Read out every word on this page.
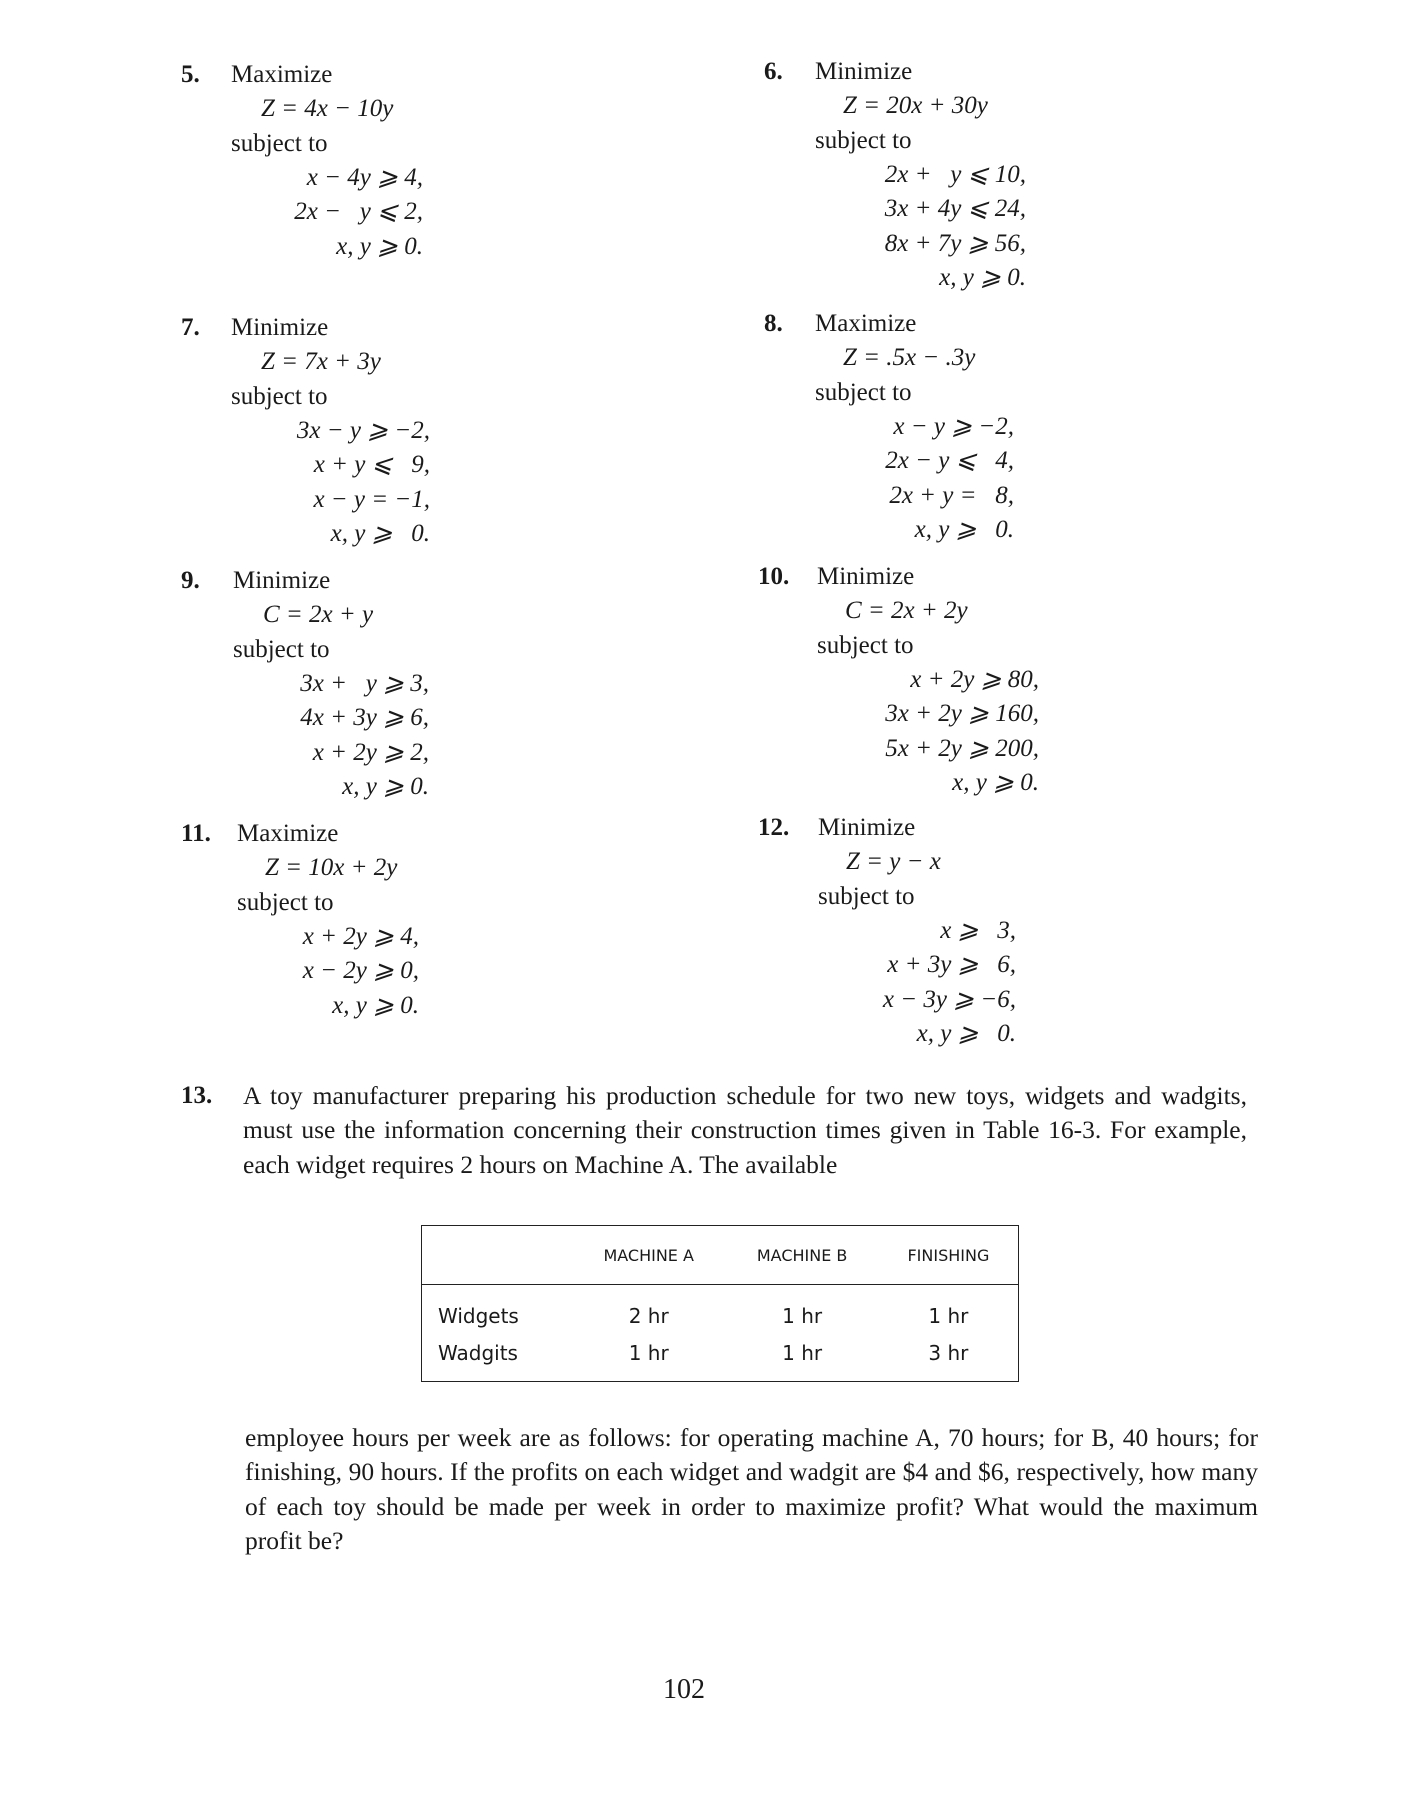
5. Maximize
Z = 4x − 10y
subject to
x − 4y ⩾ 4,
2x −   y ⩽ 2,
x, y ⩾ 0.
6. Minimize
Z = 20x + 30y
subject to
2x +   y ⩽ 10,
3x + 4y ⩽ 24,
8x + 7y ⩾ 56,
x, y ⩾ 0.
7. Minimize
Z = 7x + 3y
subject to
3x − y ⩾ −2,
x + y ⩽   9,
x − y = −1,
x, y ⩾   0.
8. Maximize
Z = .5x − .3y
subject to
x − y ⩾ −2,
2x − y ⩽   4,
2x + y =   8,
x, y ⩾   0.
9. Minimize
C = 2x + y
subject to
3x +   y ⩾ 3,
4x + 3y ⩾ 6,
x + 2y ⩾ 2,
x, y ⩾ 0.
10. Minimize
C = 2x + 2y
subject to
x + 2y ⩾ 80,
3x + 2y ⩾ 160,
5x + 2y ⩾ 200,
x, y ⩾ 0.
11. Maximize
Z = 10x + 2y
subject to
x + 2y ⩾ 4,
x − 2y ⩾ 0,
x, y ⩾ 0.
12. Minimize
Z = y − x
subject to
x ⩾   3,
x + 3y ⩾   6,
x − 3y ⩾ −6,
x, y ⩾   0.
13. A toy manufacturer preparing his production schedule for two new toys, widgets and wadgits, must use the information concerning their construction times given in Table 16-3. For example, each widget requires 2 hours on Machine A. The available
	MACHINE A	MACHINE B	FINISHING
Widgets	2 hr	1 hr	1 hr
Wadgits	1 hr	1 hr	3 hr
employee hours per week are as follows: for operating machine A, 70 hours; for B, 40 hours; for finishing, 90 hours. If the profits on each widget and wadgit are $4 and $6, respectively, how many of each toy should be made per week in order to maximize profit? What would the maximum profit be?
102
